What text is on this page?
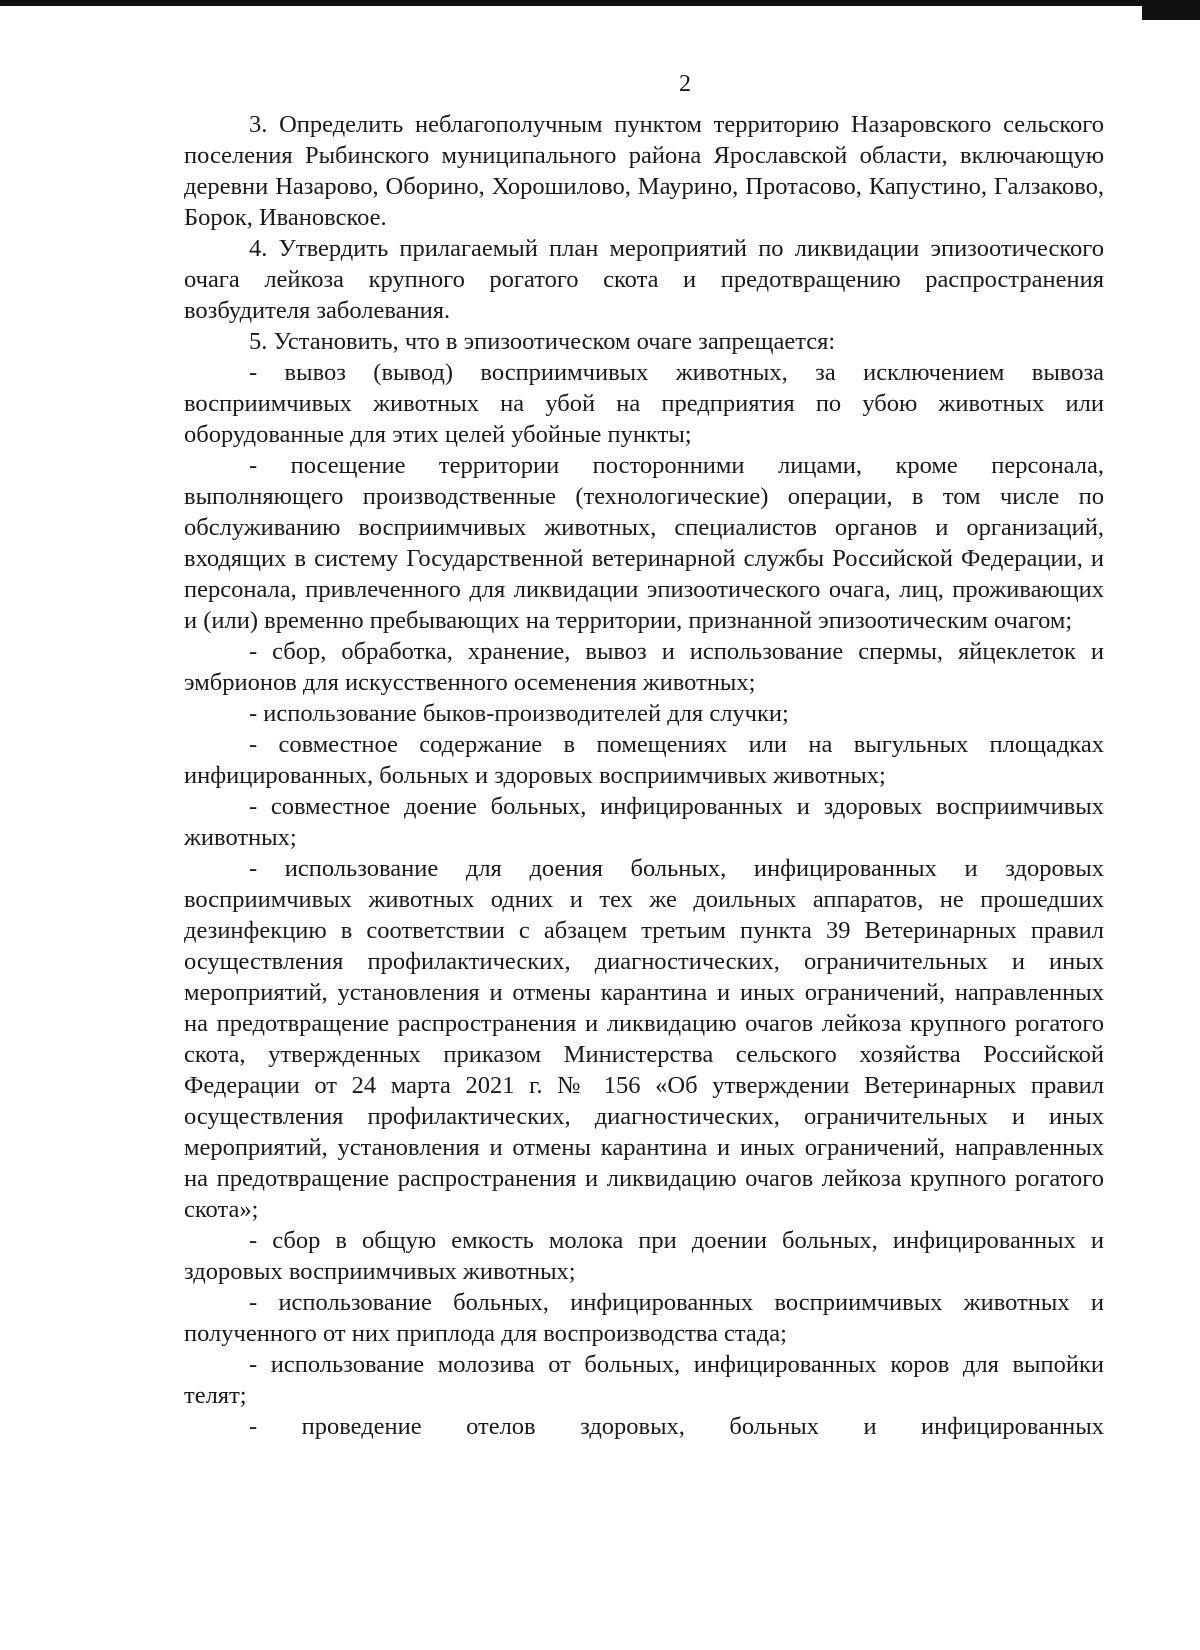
2

3. Определить неблагополучным пунктом территорию Назаровского сельского поселения Рыбинского муниципального района Ярославской области, включающую деревни Назарово, Оборино, Хорошилово, Маурино, Протасово, Капустино, Галзаково, Борок, Ивановское.

4. Утвердить прилагаемый план мероприятий по ликвидации эпизоотического очага лейкоза крупного рогатого скота и предотвращению распространения возбудителя заболевания.

5. Установить, что в эпизоотическом очаге запрещается:

- вывоз (вывод) восприимчивых животных, за исключением вывоза восприимчивых животных на убой на предприятия по убою животных или оборудованные для этих целей убойные пункты;

- посещение территории посторонними лицами, кроме персонала, выполняющего производственные (технологические) операции, в том числе по обслуживанию восприимчивых животных, специалистов органов и организаций, входящих в систему Государственной ветеринарной службы Российской Федерации, и персонала, привлеченного для ликвидации эпизоотического очага, лиц, проживающих и (или) временно пребывающих на территории, признанной эпизоотическим очагом;

- сбор, обработка, хранение, вывоз и использование спермы, яйцеклеток и эмбрионов для искусственного осеменения животных;

- использование быков-производителей для случки;

- совместное содержание в помещениях или на выгульных площадках инфицированных, больных и здоровых восприимчивых животных;

- совместное доение больных, инфицированных и здоровых восприимчивых животных;

- использование для доения больных, инфицированных и здоровых восприимчивых животных одних и тех же доильных аппаратов, не прошедших дезинфекцию в соответствии с абзацем третьим пункта 39 Ветеринарных правил осуществления профилактических, диагностических, ограничительных и иных мероприятий, установления и отмены карантина и иных ограничений, направленных на предотвращение распространения и ликвидацию очагов лейкоза крупного рогатого скота, утвержденных приказом Министерства сельского хозяйства Российской Федерации от 24 марта 2021 г. № 156 «Об утверждении Ветеринарных правил осуществления профилактических, диагностических, ограничительных и иных мероприятий, установления и отмены карантина и иных ограничений, направленных на предотвращение распространения и ликвидацию очагов лейкоза крупного рогатого скота»;

- сбор в общую емкость молока при доении больных, инфицированных и здоровых восприимчивых животных;

- использование больных, инфицированных восприимчивых животных и полученного от них приплода для воспроизводства стада;

- использование молозива от больных, инфицированных коров для выпойки телят;

- проведение отелов здоровых, больных и инфицированных
